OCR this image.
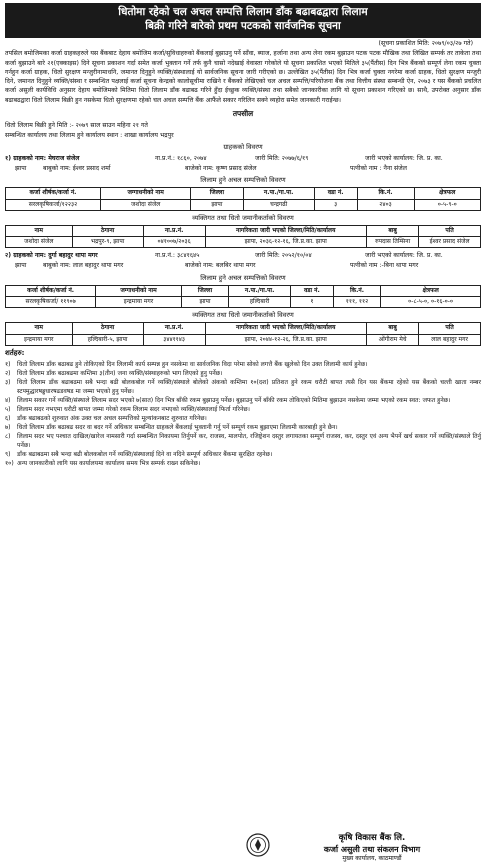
धितोमा रहेको चल अचल सम्पत्ति लिलाम डाँक बढाबढद्वारा लिलाम
बिक्री गरिने बारेको प्रथम पटकको सार्वजनिक सूचना
(सूचना प्रकाशित मिति: २०७९/०३/२७ गते)

तपसिल बमोजिमका कर्जा ग्राहकहरुले यस बैंकबाट देहाय बमोजिम कर्जा/सुविधाहरुको बैंकलाई बुझाउनु पर्ने साँवा, ब्याज, हर्जाना तथा अन्य लेना रकम बुझाउन पटक पटक मौखिक तथा लिखित सम्पर्क तर ताकेता तथा कर्जा बुझाउने बारे २१(एक्काइस) दिने सूचना प्रकाशन गर्दा समेत कर्जा भुक्तान गर्ने तर्फ कुनै चासो नदेखाई वेवास्ता गरेकोले यो सूचना प्रकाशित भएको मितिले ३५(पैंतीस) दिन भित्र बैंकको सम्पूर्ण लेना रकम चुक्ता गर्नहुन कर्जा ग्राहक, धितो सुरक्षण मन्जुरीनामाधनि, जमानत दिनुहुने व्यक्ति/संस्थालाई यो सार्वजनिक सूचना जारी गरीएको छ। उल्लेखित ३५(पैंतीस) दिन भित्र कर्जा चुक्ता नगरेमा कर्जा ग्राहक, धितो सुरक्षण मन्जुरी दिने, जमानत दिनुहुने व्यक्ति/संस्था र सम्बन्धित पक्षलाई कर्जा सूचना केन्द्रको कालोसूचीमा राखिने र बैंकको लेखिएको चल अचल सम्पत्ति/परियोजना बैंक तथा वित्तीय संस्था सम्बन्धी ऐन, २०७३ र यस बैंकको प्रचलित कर्जा असुली कार्यविधि अनुसार देहाय बमोजिमको मितिमा धितो लिलाम डाँक बढाबढ गरिने हुँदा ईच्छुक व्यक्ति/संस्था तथा सबैको जानकारीका लागि यो सूचना प्रकाशन गरिएको छ। साथै, उपरोक्त अनुसार डाँक बढाबढद्वारा धितो लिलाम बिक्री हुन नसकेमा धितो सुरक्षणमा रहेको चल अचल सम्पत्ति बैंक आफैंले सकार गरिलिन सक्ने व्यहोरा समेत जानकारी गराईन्छ।

तपसील
धितो लिलाम बिक्री हुने मिति :- २०७९ साल साउन महिना २१ गते
सम्बन्धित कार्यालय तथा लिलाम हुने कार्यालय स्थान : शाखा कार्यालय भद्रपुर
ग्राहकको विवरण
१) ग्राहकको नाम: मेघराज संजेल	ना.प्र.नं.: १८६०, २०७४	जारी मिति: २०७७/६/१९	जारी भएको कार्यालय: जि. प्र. का.
झापा	बाबुको नाम: ईश्वर प्रसाद शर्मा	बाजेको नाम: कृष्ण प्रसाद संजेल	पत्नीको नाम : नैना संजेल
लिलाम हुने अचल सम्पत्तिको विवरण
कर्जा शीर्षक/कर्जा नं.	जग्गाधनीको नाम	जिल्ला	न.पा./गा.पा.	वडा नं.	कि.नं.	क्षेत्रफल
सरलकृषिकर्जा/१२२३२	जशोदा संजेल	झापा	चन्द्रगढी	३	२४०३	०-५-९-०
व्यक्तिगत तथा धितो जमानीकर्ताको विवरण
नाम	ठेगाना	ना.प्र.नं.	नागरिकता जारी भएको जिल्ला/मिति/कार्यालय	बाबु	पति
जशोदा संजेल	भद्रपुर-९, झापा	०४१००७/२०३६	झापा, २०३६-१२-१६, जि.प्र.का. झापा	रुपदास तिम्सिना	ईश्वर प्रसाद संजेल
२) ग्राहकको नाम: दुर्गा बहादुर थापा मगर	ना.प्र.नं.: ३८४१६४५	जारी मिति: २०५२/१०/०४	जारी भएको कार्यालय: जि. प्र. का.
झापा	बाबुको नाम: लाल बहादुर थापा मगर	बाजेको नाम: बलबिर थापा मगर	पत्नीको नाम :-बिना थापा मगर
लिलाम हुने अचल सम्पत्तिको विवरण
कर्जा शीर्षक/कर्जा नं.	जग्गाधनीको नाम	जिल्ला	न.पा./गा.पा.	वडा नं.	कि.नं.	क्षेत्रफल
सरलकृषिकर्जा/ ११९०७	इन्द्रमाया मगर	झापा	हल्दिबारी	१	१११, ११२	०-८-५-०, ०-१६-०-०
व्यक्तिगत तथा धितो जमानीकर्ताको विवरण
नाम	ठेगाना	ना.प्र.नं.	नागरिकता जारी भएको जिल्ला/मिति/कार्यालय	बाबु	पति
इन्द्रमाया मगर	हल्दिबारी-५, झापा	३४४११४३	झापा, २०४४-१२-२६, जि.प्र.का. झापा	ओंगीराम मेचे	लाल बहादुर मगर
शर्तहरु:
१)	धितो लिलाम डाँक बढाबढ हुने तोकिएको दिन लिलामी कार्य सम्पन्न हुन नसकेमा वा सार्वजनिक विदा परेमा सोको लगत्तै बैंक खुलेको दिन उक्त लिलामी कार्य हुनेछ।
२)	धितो लिलाम डाँक बढाबढमा कम्तिमा ३(तीन) जना व्यक्ति/संस्थाहरुको भाग लिएको हुनु पर्नेछ।
३)	धितो लिलाम डाँक बढाबढमा सबै भन्दा बढी बोलकबोल गर्ने व्यक्ति/संस्थाले बोलेको अंकको कम्तिमा १०(दश) प्रतिशत हुने रकम धरौटी बापत त्यसै दिन यस बैंकमा रहेको यस बैंकको चल्ती खाता नम्बर स्टपमुद्धारषड्डधारषढडवषड मा जम्मा भएको हुनु पर्नेछ।
४)	लिलाम सकार गर्ने व्यक्ति/संस्थाले लिलाम सदर भएको ७(सात) दिन भित्र बाँकी रकम बुझाउनु पर्नेछ। बुझाउनु पर्ने बाँकी रकम तोकिएको मितिमा बुझाउन नसकेमा जम्मा भएको रकम स्वत: जफत हुनेछ।
५)	लिलाम सदर नभएमा धरौटी बापत जम्मा गरेको रकम लिलाम सदर नभएको व्यक्ति/संस्थालाई फिर्ता गरिनेछ।
६)	डाँक बढाबढको शुरुवात अंक उक्त चल अचल सम्पत्तिको मूल्यांकनबाट शुरुवात गरिनेछ।
७)	धितो लिलाम डाँक बढाबढ सदर वा बदर गर्ने अधिकार सम्बन्धित ग्राहकले बैंकलाई भुक्तानी गर्नु पर्ने सम्पूर्ण रकम बुझाएमा लिलामी कारबाही हुने छैन।
८)	लिलाम सदर भए पश्चात दाखिल/खारेज नामसारी गर्दा सम्बन्धित निकायमा तिर्नुपर्ने कर, राजस्व, मालपोत, रजिष्ट्रेशन दस्तुर लगायतका सम्पूर्ण राजस्व, कर, दस्तुर एवं अन्य भैपर्ने खर्च सकार गर्ने व्यक्ति/संस्थाले तिर्नु पर्नेछ।
९)	डाँक बढाबढमा सबै भन्दा बढी बोलकबोल गर्ने व्यक्ति/संस्थालाई दिने वा नदिने सम्पूर्ण अधिकार बैंकमा सुरक्षित रहनेछ।
१०) अन्य जानकारीको लागि यस कार्यालयमा कार्यालय समय भित्र सम्पर्क राख्न सकिनेछ।
कृषि विकास बैंक लि.
कर्जा असुली तथा संकलन विभाग
मुख्य कार्यालय, काठमाण्डौं
